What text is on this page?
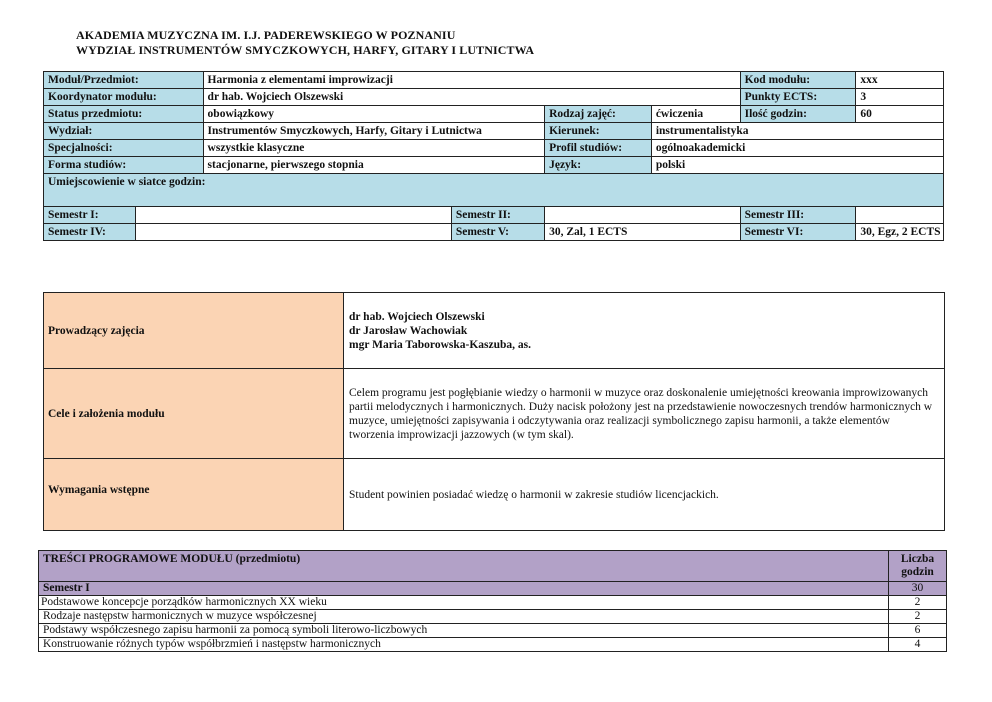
AKADEMIA MUZYCZNA IM. I.J. PADEREWSKIEGO W POZNANIU
WYDZIAŁ INSTRUMENTÓW SMYCZKOWYCH, HARFY, GITARY I LUTNICTWA
Moduł/Przedmiot:		Harmonia z elementami improwizacji				Kod modułu:	xxx
Koordynator modułu:		dr hab. Wojciech Olszewski				Punkty ECTS:	3
Status przedmiotu:		obowiązkowy		Rodzaj zajęć:	ćwiczenia	Ilość godzin:	60
Wydział:		Instrumentów Smyczkowych, Harfy, Gitary i Lutnictwa		Kierunek:	instrumentalistyka		
Specjalności:		wszystkie klasyczne		Profil studiów:	ogólnoakademicki		
Forma studiów:		stacjonarne, pierwszego stopnia		Język:	polski		
Umiejscowienie w siatce godzin:							
Semestr I:			Semestr II:			Semestr III:	
Semestr IV:			Semestr V:	30, Zal, 1 ECTS		Semestr VI:	30, Egz, 2 ECTS
Prowadzący zajęcia	dr hab. Wojciech Olszewski
dr Jarosław Wachowiak
mgr Maria Taborowska-Kaszuba, as.

Cele i założenia modułu	Celem programu jest pogłębianie wiedzy o harmonii w muzyce oraz doskonalenie umiejętności kreowania improwizowanych partii melodycznych i harmonicznych. Duży nacisk położony jest na przedstawienie nowoczesnych trendów harmonicznych w muzyce, umiejętności zapisywania i odczytywania oraz realizacji symbolicznego zapisu harmonii, a także elementów tworzenia improwizacji jazzowych (w tym skal).
Wymagania wstępne	Student powinien posiadać wiedzę o harmonii w zakresie studiów licencjackich.
TREŚCI PROGRAMOWE MODUŁU (przedmiotu)	Liczba
godzin

Semestr I	30
Podstawowe koncepcje porządków harmonicznych XX wieku	2
Rodzaje następstw harmonicznych w muzyce współczesnej	2
Podstawy współczesnego zapisu harmonii za pomocą symboli literowo-liczbowych	6
Konstruowanie różnych typów współbrzmień i następstw harmonicznych	4
